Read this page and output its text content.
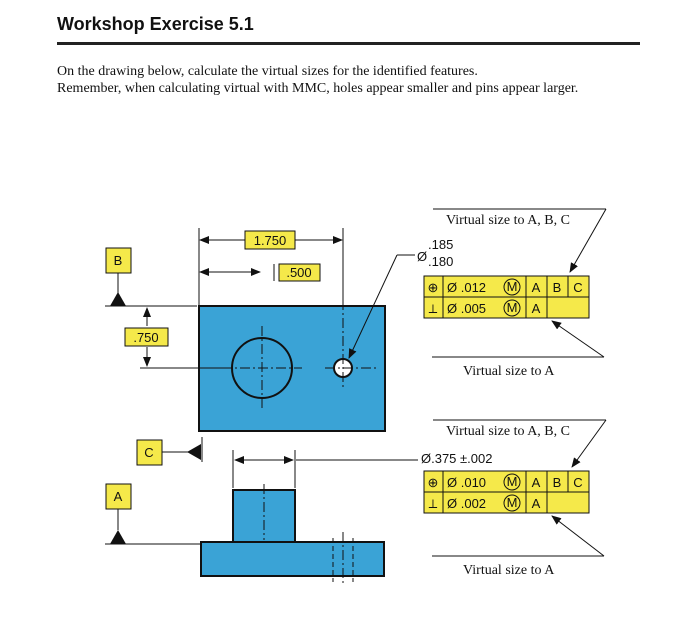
Workshop Exercise 5.1
On the drawing below, calculate the virtual sizes for the identified features.
Remember, when calculating virtual with MMC, holes appear smaller and pins appear larger.
1.750
.500
.750
B
C
A
Ø
.185
.180
⊕ Ø .012 M A B C
⟂ Ø .005 M A
Virtual size to A, B, C
Virtual size to A
Ø.375 ±.002
⊕ Ø .010 M A B C
⟂ Ø .002 M A
Virtual size to A, B, C
Virtual size to A
